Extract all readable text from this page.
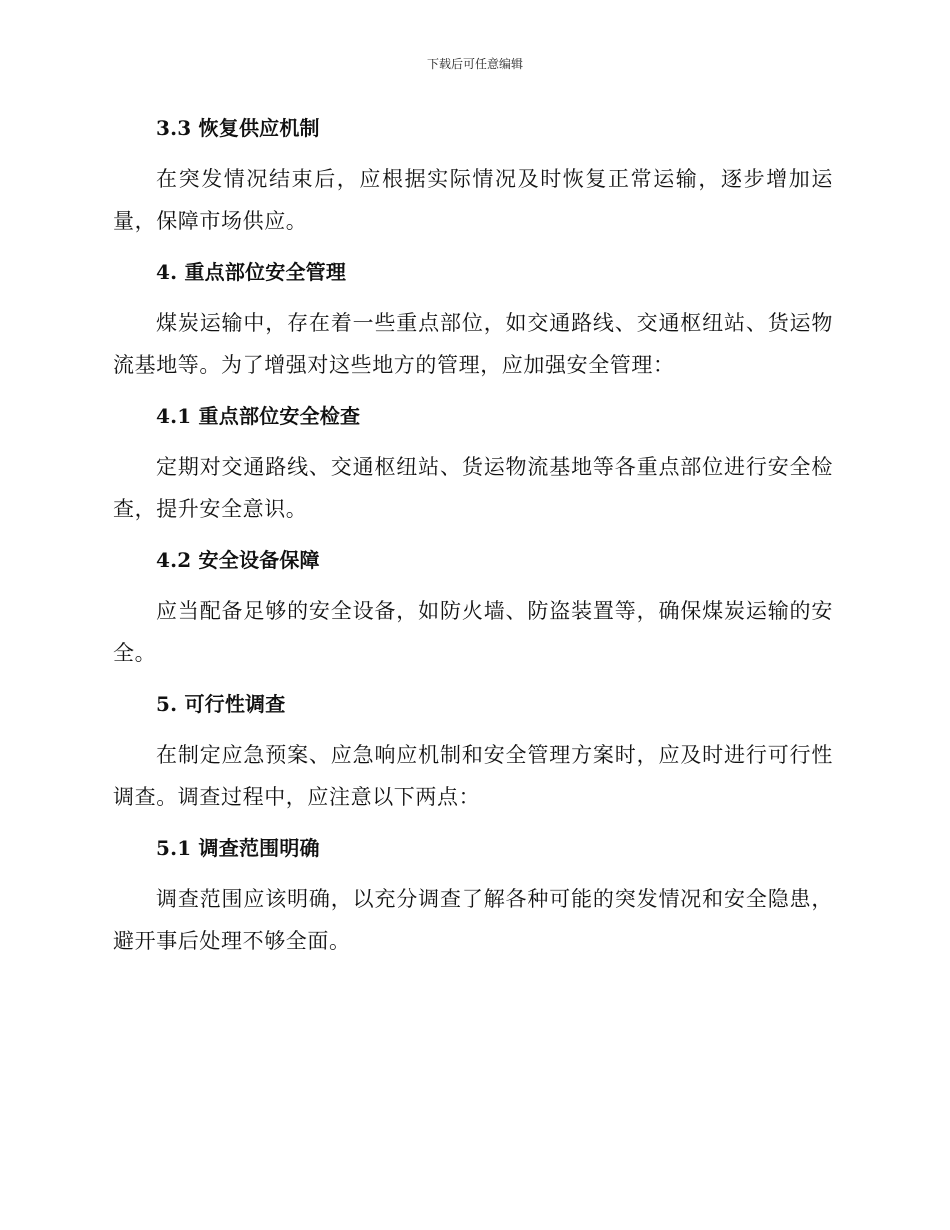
下载后可任意编辑
3.3 恢复供应机制

在突发情况结束后，应根据实际情况及时恢复正常运输，逐步增加运量，保障市场供应。

4. 重点部位安全管理

煤炭运输中，存在着一些重点部位，如交通路线、交通枢纽站、货运物流基地等。为了增强对这些地方的管理，应加强安全管理：

4.1 重点部位安全检查

定期对交通路线、交通枢纽站、货运物流基地等各重点部位进行安全检查，提升安全意识。

4.2 安全设备保障

应当配备足够的安全设备，如防火墙、防盗装置等，确保煤炭运输的安全。

5. 可行性调查

在制定应急预案、应急响应机制和安全管理方案时，应及时进行可行性调查。调查过程中，应注意以下两点：

5.1 调查范围明确

调查范围应该明确，以充分调查了解各种可能的突发情况和安全隐患，避开事后处理不够全面。
